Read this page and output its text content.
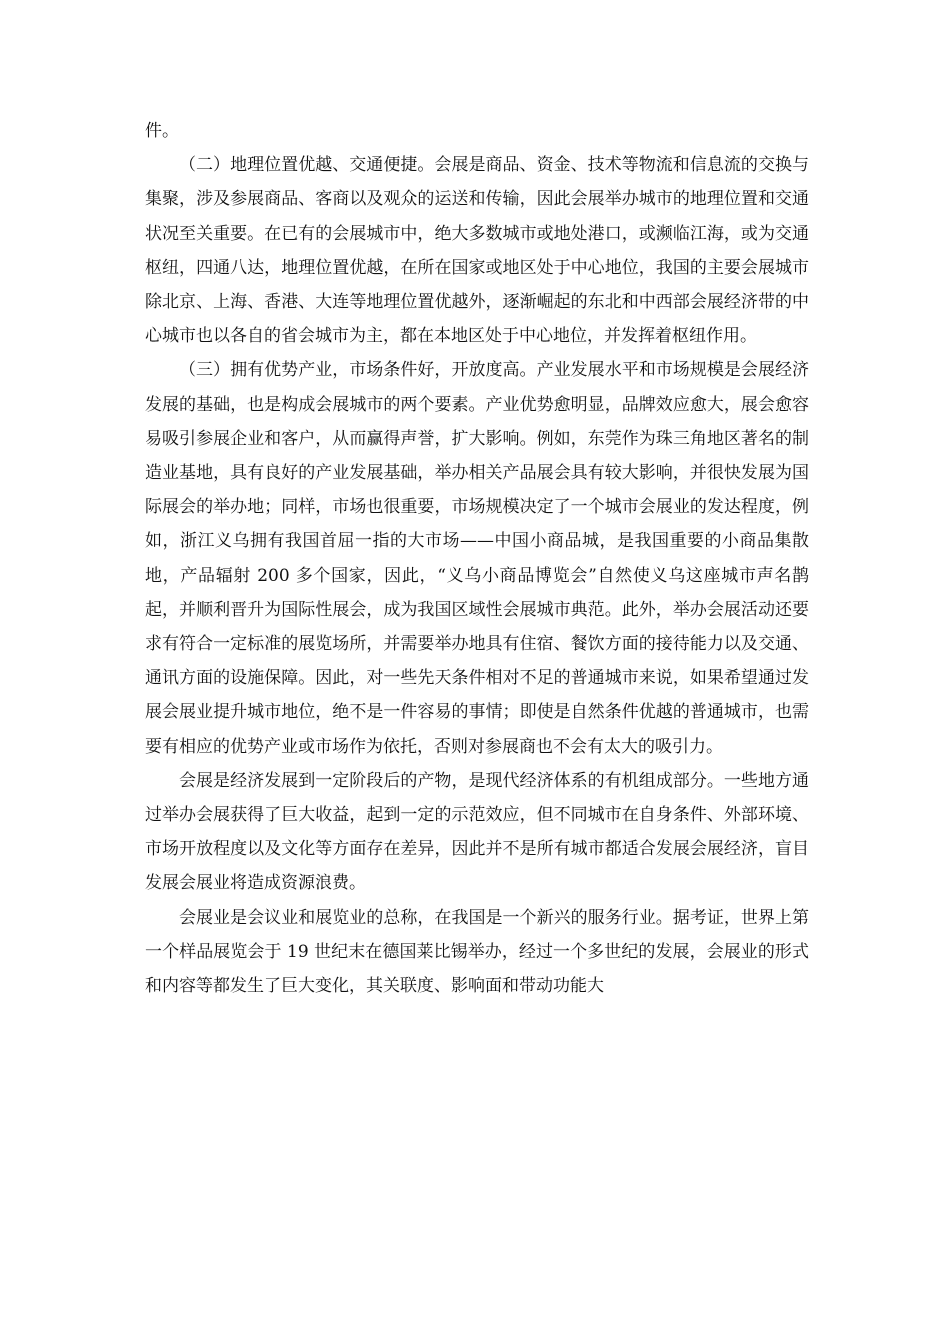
件。

（二）地理位置优越、交通便捷。会展是商品、资金、技术等物流和信息流的交换与集聚，涉及参展商品、客商以及观众的运送和传输，因此会展举办城市的地理位置和交通状况至关重要。在已有的会展城市中，绝大多数城市或地处港口，或濒临江海，或为交通枢纽，四通八达，地理位置优越，在所在国家或地区处于中心地位，我国的主要会展城市除北京、上海、香港、大连等地理位置优越外，逐渐崛起的东北和中西部会展经济带的中心城市也以各自的省会城市为主，都在本地区处于中心地位，并发挥着枢纽作用。

（三）拥有优势产业，市场条件好，开放度高。产业发展水平和市场规模是会展经济发展的基础，也是构成会展城市的两个要素。产业优势愈明显，品牌效应愈大，展会愈容易吸引参展企业和客户，从而赢得声誉，扩大影响。例如，东莞作为珠三角地区著名的制造业基地，具有良好的产业发展基础，举办相关产品展会具有较大影响，并很快发展为国际展会的举办地；同样，市场也很重要，市场规模决定了一个城市会展业的发达程度，例如，浙江义乌拥有我国首屈一指的大市场——中国小商品城，是我国重要的小商品集散地，产品辐射 200 多个国家，因此，“义乌小商品博览会”自然使义乌这座城市声名鹊起，并顺利晋升为国际性展会，成为我国区域性会展城市典范。此外，举办会展活动还要求有符合一定标准的展览场所，并需要举办地具有住宿、餐饮方面的接待能力以及交通、通讯方面的设施保障。因此，对一些先天条件相对不足的普通城市来说，如果希望通过发展会展业提升城市地位，绝不是一件容易的事情；即使是自然条件优越的普通城市，也需要有相应的优势产业或市场作为依托，否则对参展商也不会有太大的吸引力。

会展是经济发展到一定阶段后的产物，是现代经济体系的有机组成部分。一些地方通过举办会展获得了巨大收益，起到一定的示范效应，但不同城市在自身条件、外部环境、市场开放程度以及文化等方面存在差异，因此并不是所有城市都适合发展会展经济，盲目发展会展业将造成资源浪费。

会展业是会议业和展览业的总称，在我国是一个新兴的服务行业。据考证，世界上第一个样品展览会于 19 世纪末在德国莱比锡举办，经过一个多世纪的发展，会展业的形式和内容等都发生了巨大变化，其关联度、影响面和带动功能大
